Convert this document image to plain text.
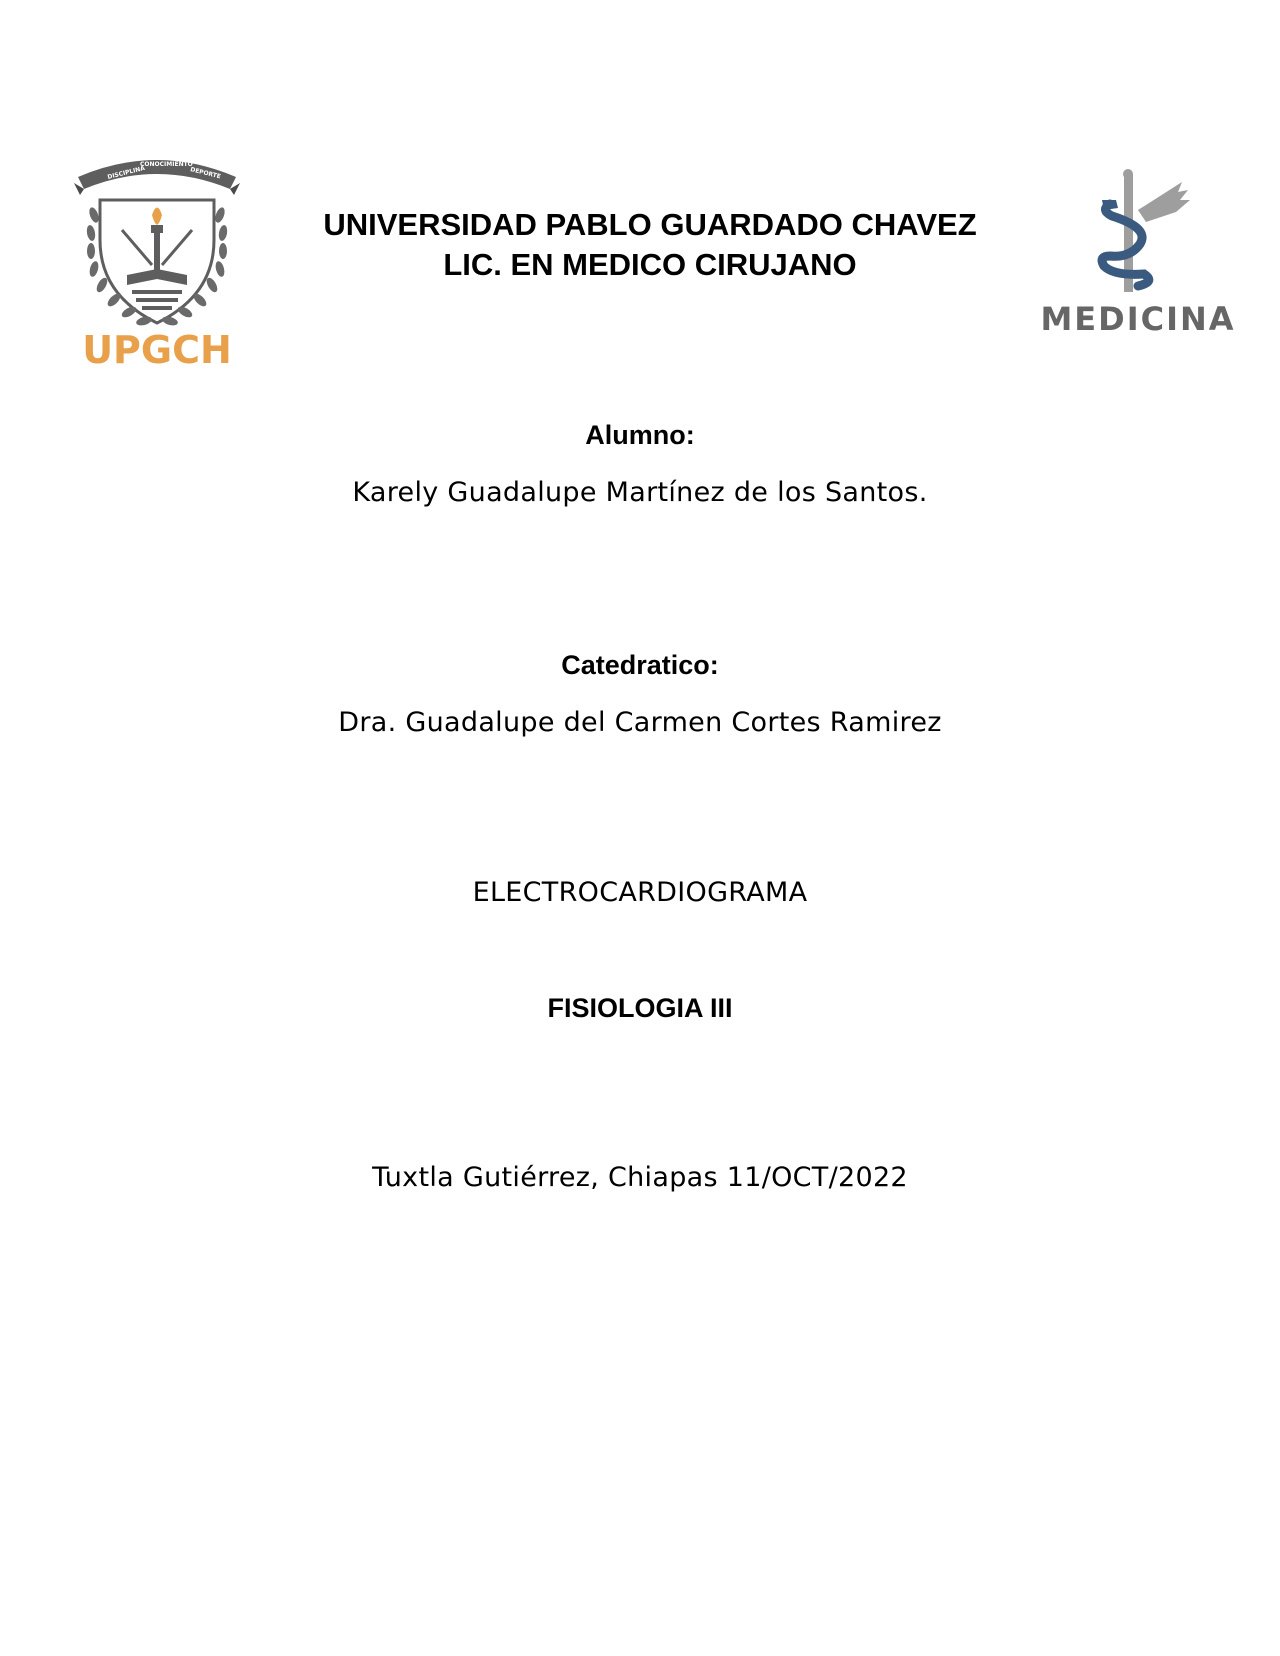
DISCIPLINA
CONOCIMIENTO
DEPORTE
UPGCH
UNIVERSIDAD PABLO GUARDADO CHAVEZ
LIC. EN MEDICO CIRUJANO
MEDICINA
Alumno:
Karely Guadalupe Martínez de los Santos.
Catedratico:
Dra. Guadalupe del Carmen Cortes Ramirez
ELECTROCARDIOGRAMA
FISIOLOGIA III
Tuxtla Gutiérrez, Chiapas 11/OCT/2022
